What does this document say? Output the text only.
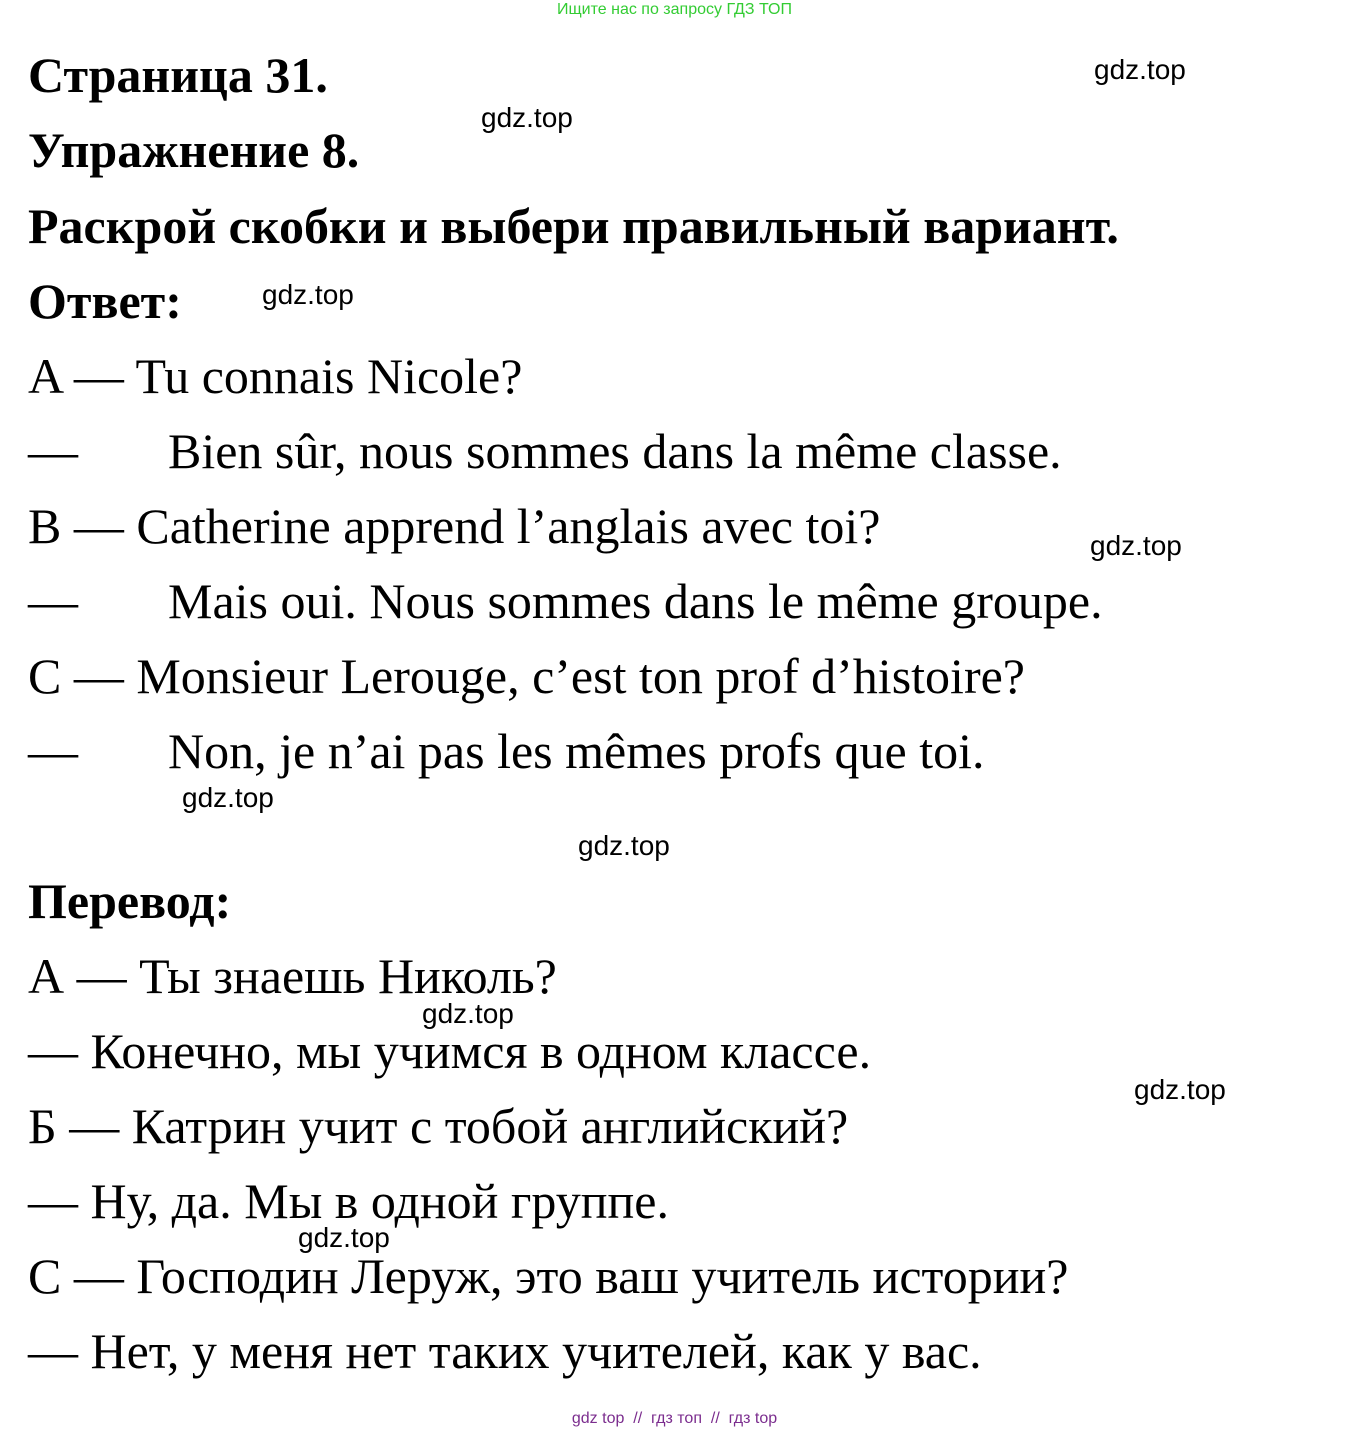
Ищите нас по запросу ГДЗ ТОП
Страница 31.
Упражнение 8.
Раскрой скобки и выбери правильный вариант.
Ответ:
A — Tu connais Nicole?
— Bien sûr, nous sommes dans la même classe.
B — Catherine apprend l’anglais avec toi?
— Mais oui. Nous sommes dans le même groupe.
C — Monsieur Lerouge, c’est ton prof d’histoire?
— Non, je n’ai pas les mêmes profs que toi.
Перевод:
А — Ты знаешь Николь?
— Конечно, мы учимся в одном классе.
Б — Катрин учит с тобой английский?
— Ну, да. Мы в одной группе.
С — Господин Леруж, это ваш учитель истории?
— Нет, у меня нет таких учителей, как у вас.
gdz.top
gdz.top
gdz.top
gdz.top
gdz.top
gdz.top
gdz.top
gdz.top
gdz.top
gdz top  //  гдз топ  //  гдз top
